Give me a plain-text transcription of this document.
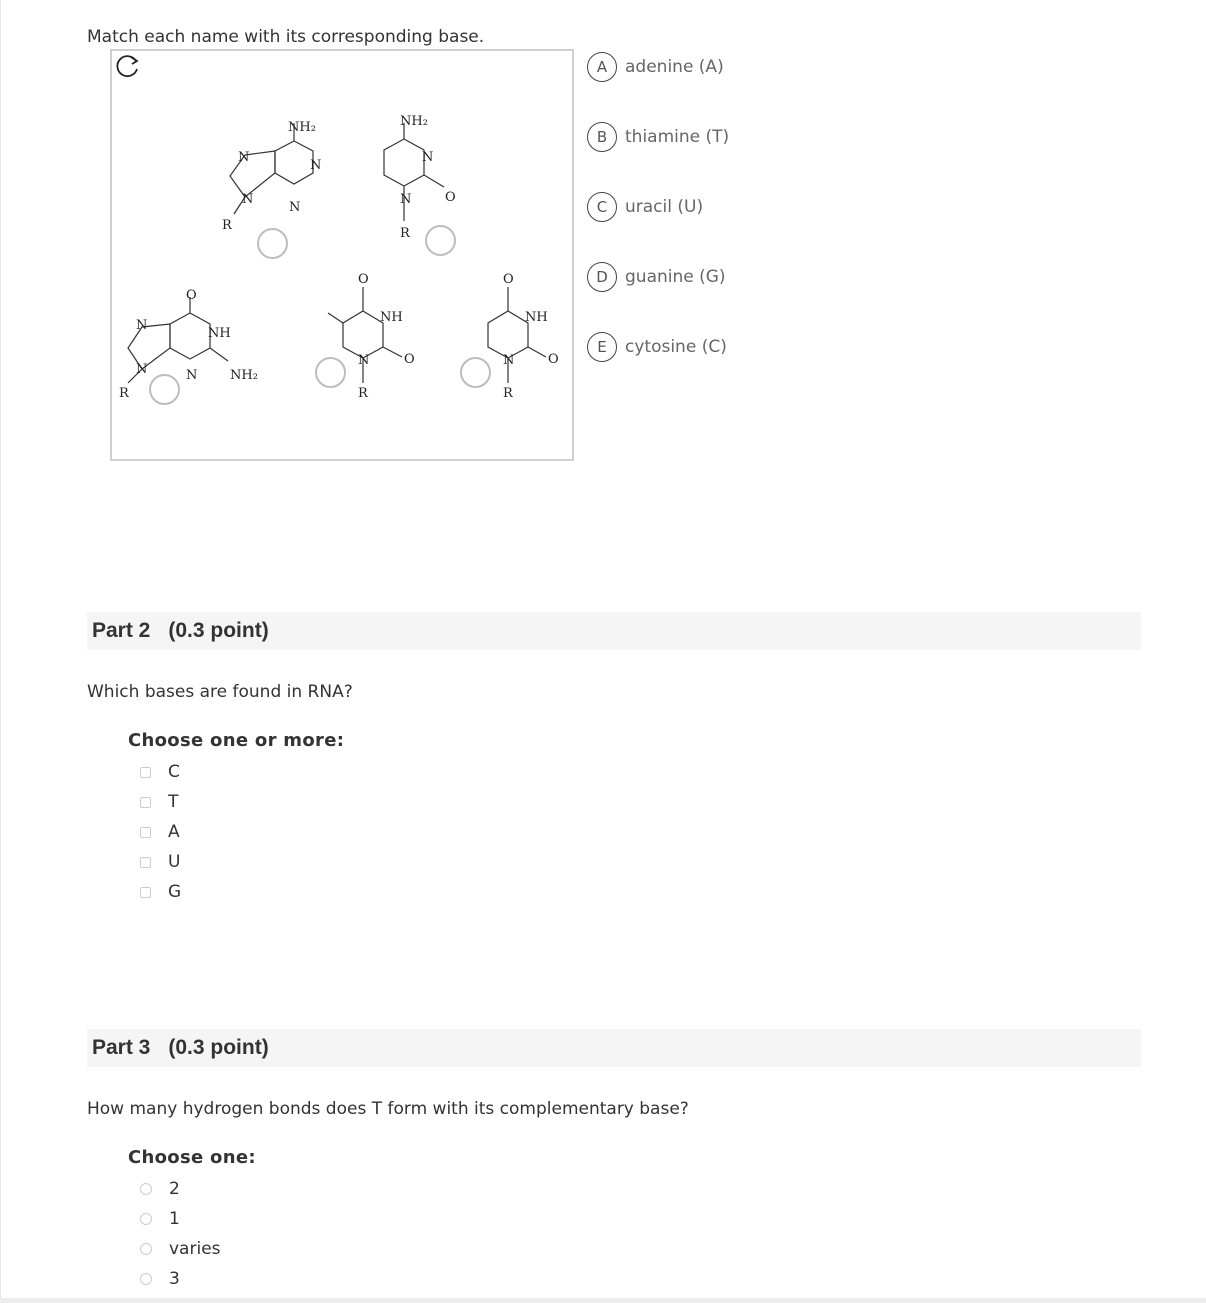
Match each name with its corresponding base.
NH₂
N
N
N
N
R
NH₂
N
O
N
R
O
NH
N
N	N	NH₂
R
O
NH
O
N
R
O
NH
O
N
R
A	adenine (A)
B	thiamine (T)
C	uracil (U)
D	guanine (G)
E	cytosine (C)
Part 2 (0.3 point)
Which bases are found in RNA?
Choose one or more:
C
T
A
U
G
Part 3 (0.3 point)
How many hydrogen bonds does T form with its complementary base?
Choose one:
2
1
varies
3
